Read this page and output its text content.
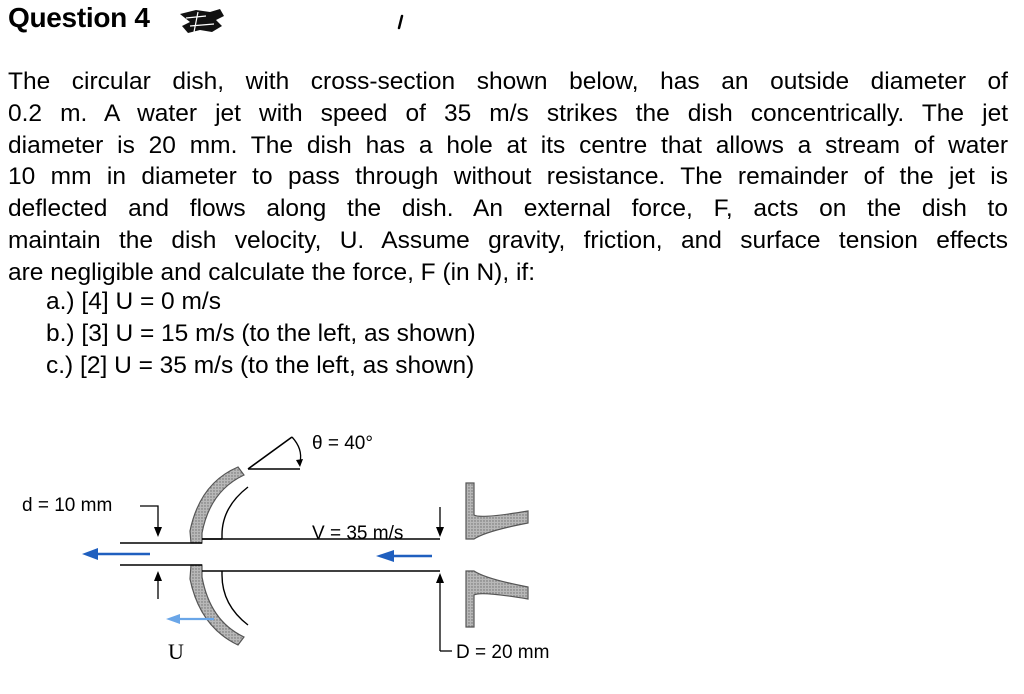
Question 4
The circular dish, with cross-section shown below, has an outside diameter of
0.2 m. A water jet with speed of 35 m/s strikes the dish concentrically. The jet
diameter is 20 mm. The dish has a hole at its centre that allows a stream of water
10 mm in diameter to pass through without resistance. The remainder of the jet is
deflected and flows along the dish. An external force, F, acts on the dish to
maintain the dish velocity, U. Assume gravity, friction, and surface tension effects
are negligible and calculate the force, F (in N), if:
a.) [4] U = 0 m/s
b.) [3] U = 15 m/s (to the left, as shown)
c.) [2] U = 35 m/s (to the left, as shown)
θ = 40°
d = 10 mm
U
V = 35 m/s
D = 20 mm
